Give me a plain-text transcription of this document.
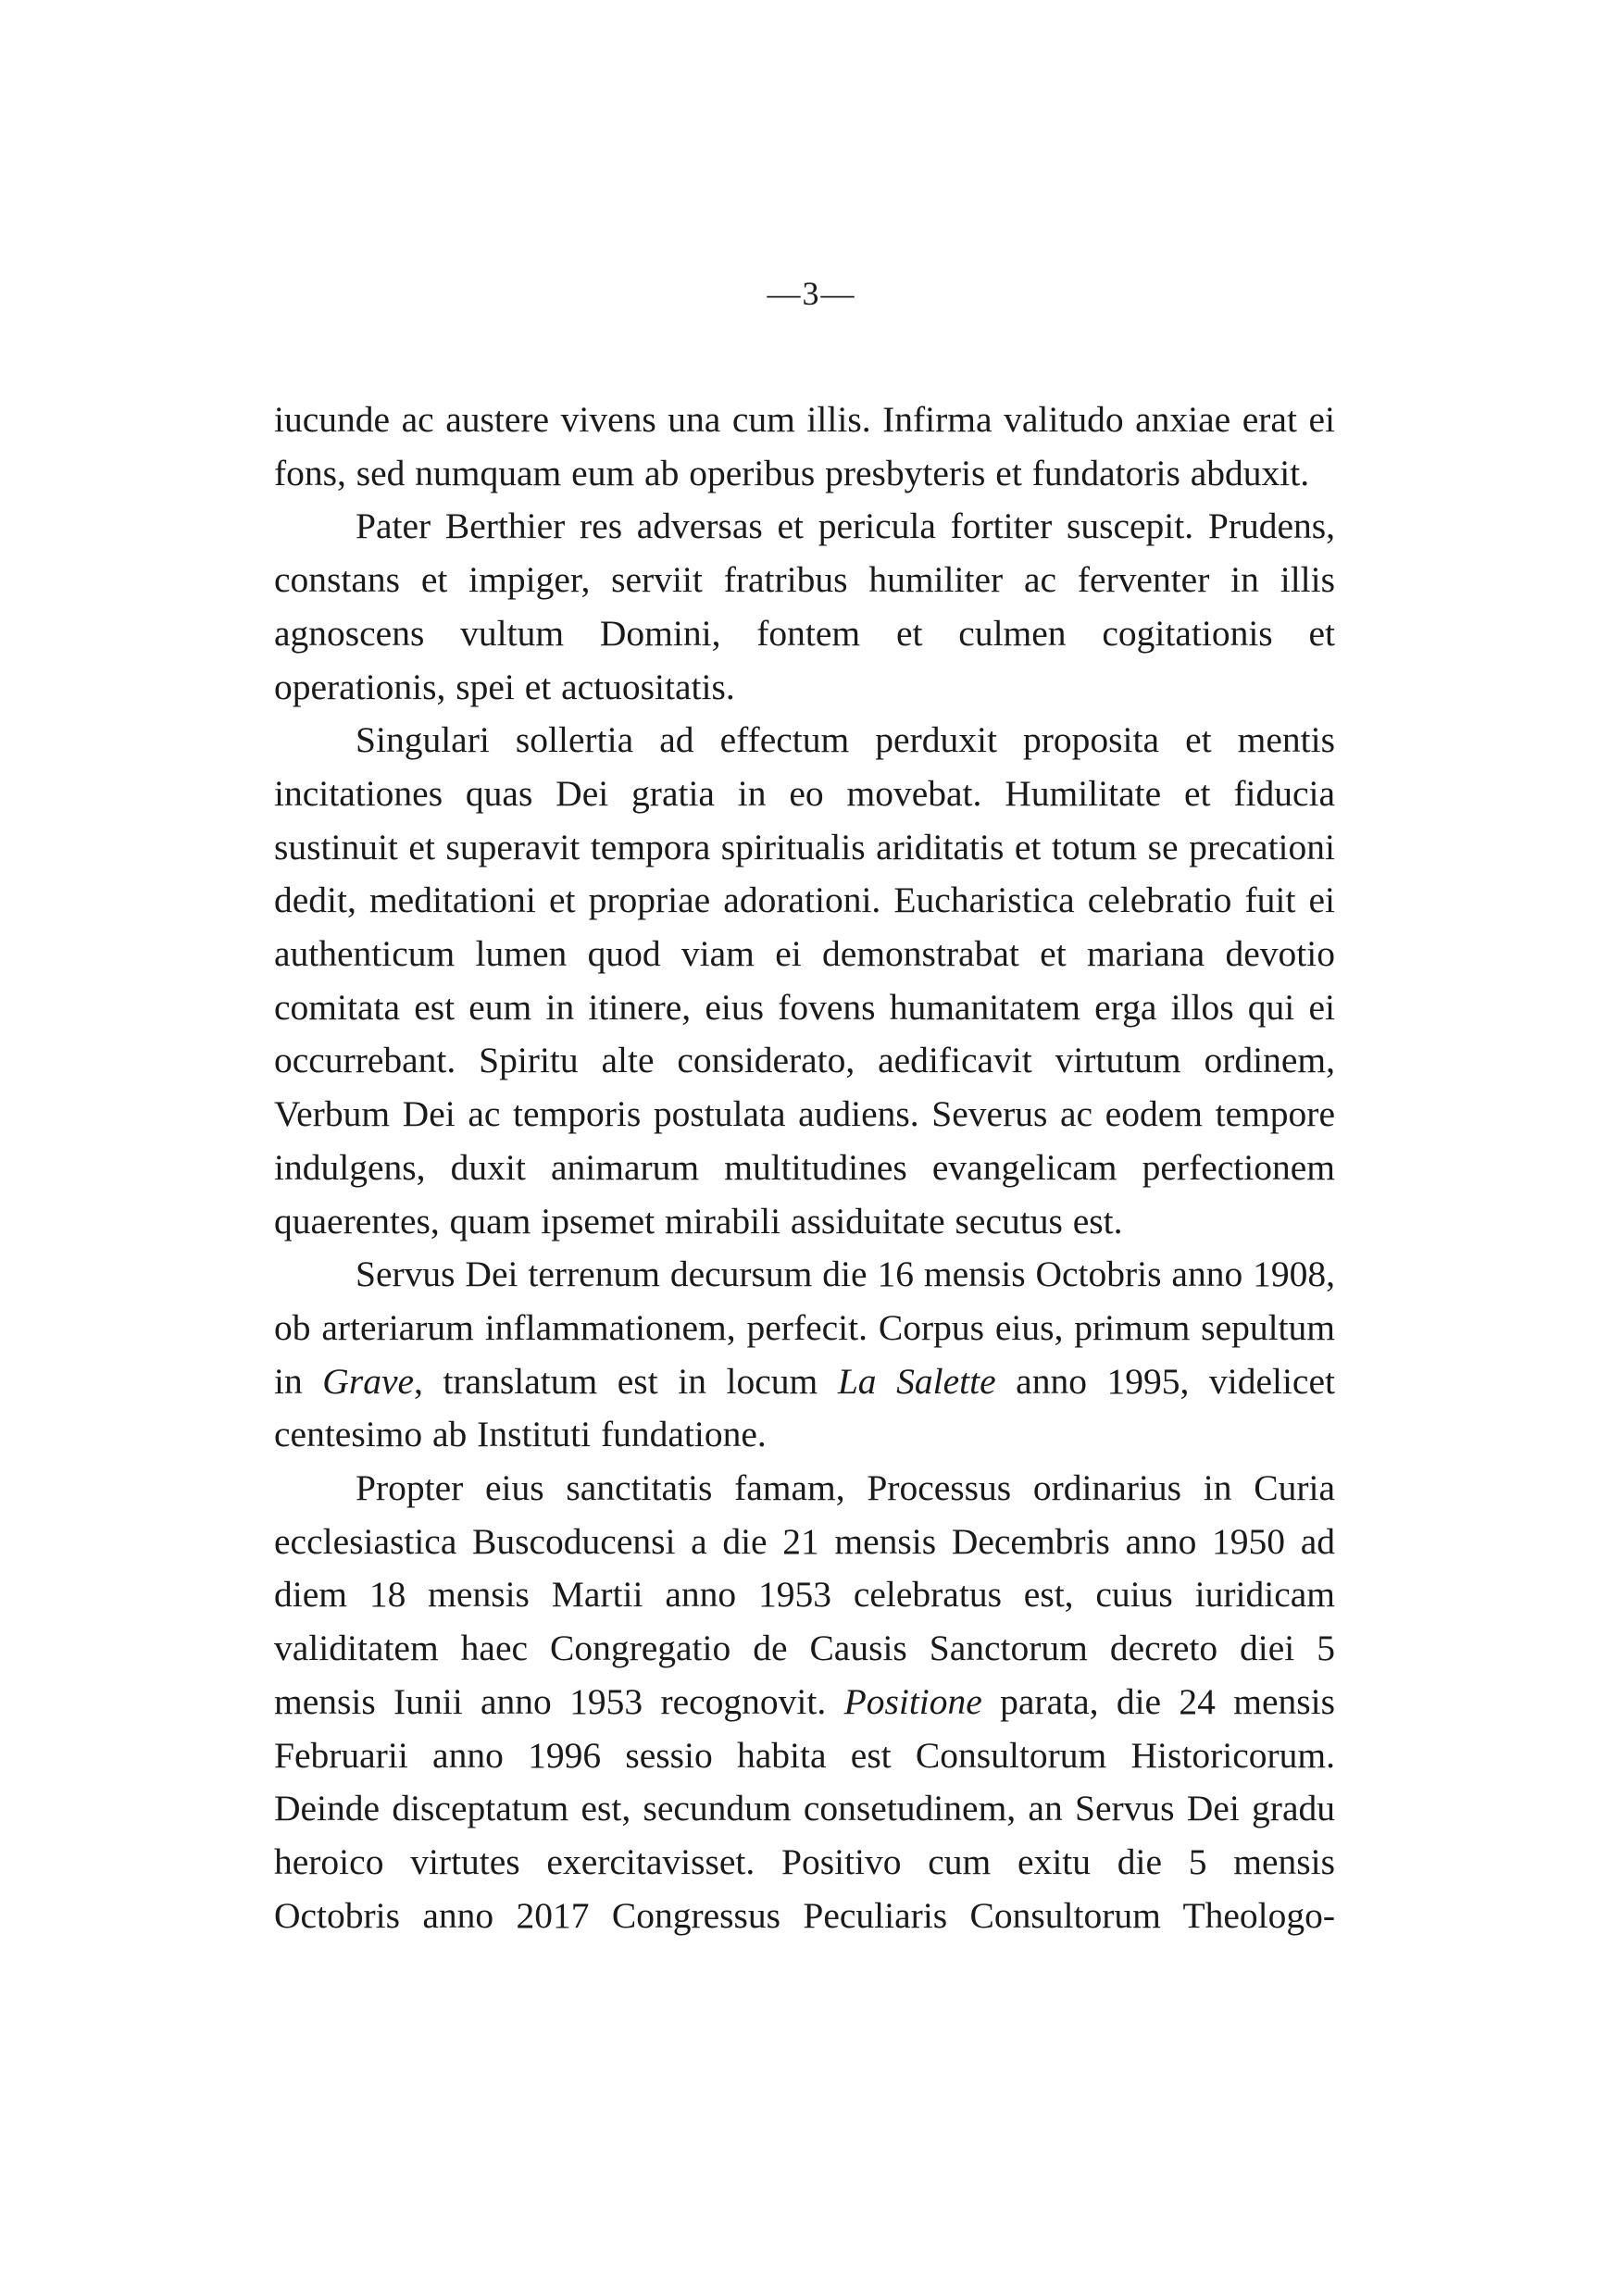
—3—

iucunde ac austere vivens una cum illis. Infirma valitudo anxiae erat ei fons, sed numquam eum ab operibus presbyteris et fundatoris abduxit.

Pater Berthier res adversas et pericula fortiter suscepit. Prudens, constans et impiger, serviit fratribus humiliter ac ferventer in illis agnoscens vultum Domini, fontem et culmen cogitationis et operationis, spei et actuositatis.

Singulari sollertia ad effectum perduxit proposita et mentis incitationes quas Dei gratia in eo movebat. Humilitate et fiducia sustinuit et superavit tempora spiritualis ariditatis et totum se precationi dedit, meditationi et propriae adorationi. Eucharistica celebratio fuit ei authenticum lumen quod viam ei demonstrabat et mariana devotio comitata est eum in itinere, eius fovens humanitatem erga illos qui ei occurrebant. Spiritu alte considerato, aedificavit virtutum ordinem, Verbum Dei ac temporis postulata audiens. Severus ac eodem tempore indulgens, duxit animarum multitudines evangelicam perfectionem quaerentes, quam ipsemet mirabili assiduitate secutus est.

Servus Dei terrenum decursum die 16 mensis Octobris anno 1908, ob arteriarum inflammationem, perfecit. Corpus eius, primum sepultum in Grave, translatum est in locum La Salette anno 1995, videlicet centesimo ab Instituti fundatione.

Propter eius sanctitatis famam, Processus ordinarius in Curia ecclesiastica Buscoducensi a die 21 mensis Decembris anno 1950 ad diem 18 mensis Martii anno 1953 celebratus est, cuius iuridicam validitatem haec Congregatio de Causis Sanctorum decreto diei 5 mensis Iunii anno 1953 recognovit. Positione parata, die 24 mensis Februarii anno 1996 sessio habita est Consultorum Historicorum. Deinde disceptatum est, secundum consetudinem, an Servus Dei gradu heroico virtutes exercitavisset. Positivo cum exitu die 5 mensis Octobris anno 2017 Congressus Peculiaris Consultorum Theologo-
